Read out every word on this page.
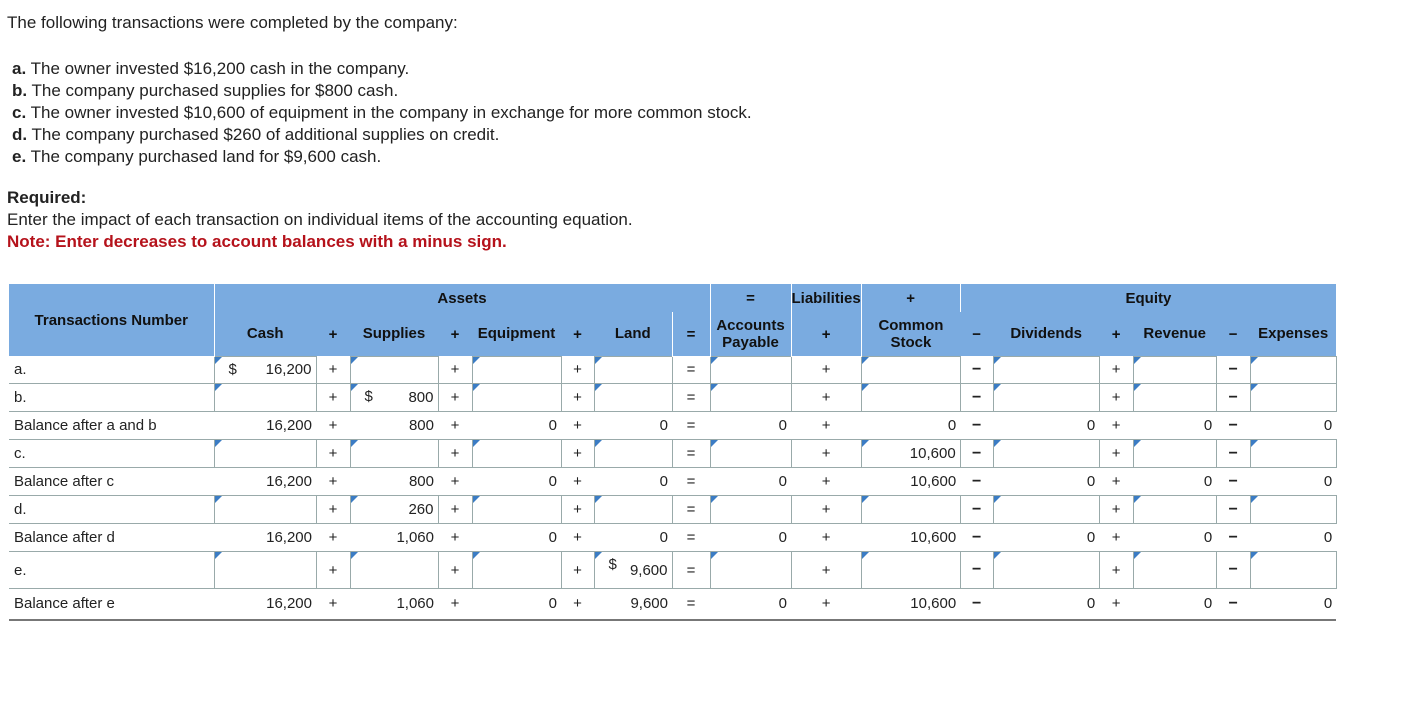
The following transactions were completed by the company:
a. The owner invested $16,200 cash in the company.
b. The company purchased supplies for $800 cash.
c. The owner invested $10,600 of equipment in the company in exchange for more common stock.
d. The company purchased $260 of additional supplies on credit.
e. The company purchased land for $9,600 cash.
Required:
Enter the impact of each transaction on individual items of the accounting equation.
Note: Enter decreases to account balances with a minus sign.
Transactions Number	Assets								=	Liabilities	+	Equity					
	Cash	+	Supplies	+	Equipment	+	Land	=	Accounts Payable	+	Common Stock	−	Dividends	+	Revenue	−	Expenses
a.	$ 16,200	+		+		+		=		+		−		+		−	

b.		+	$ 800	+		+		=		+		−		+		−	

Balance after a and b	16,200	+	800	+	0	+	0	=	0	+	0	−	0	+	0	−	0
c.		+		+		+		=		+	10,600	−		+		−	

Balance after c	16,200	+	800	+	0	+	0	=	0	+	10,600	−	0	+	0	−	0
d.		+	260	+		+		=		+		−		+		−	

Balance after d	16,200	+	1,060	+	0	+	0	=	0	+	10,600	−	0	+	0	−	0
e.		+		+		+	$ 9,600	=		+		−		+		−	

Balance after e	16,200	+	1,060	+	0	+	9,600	=	0	+	10,600	−	0	+	0	−	0
